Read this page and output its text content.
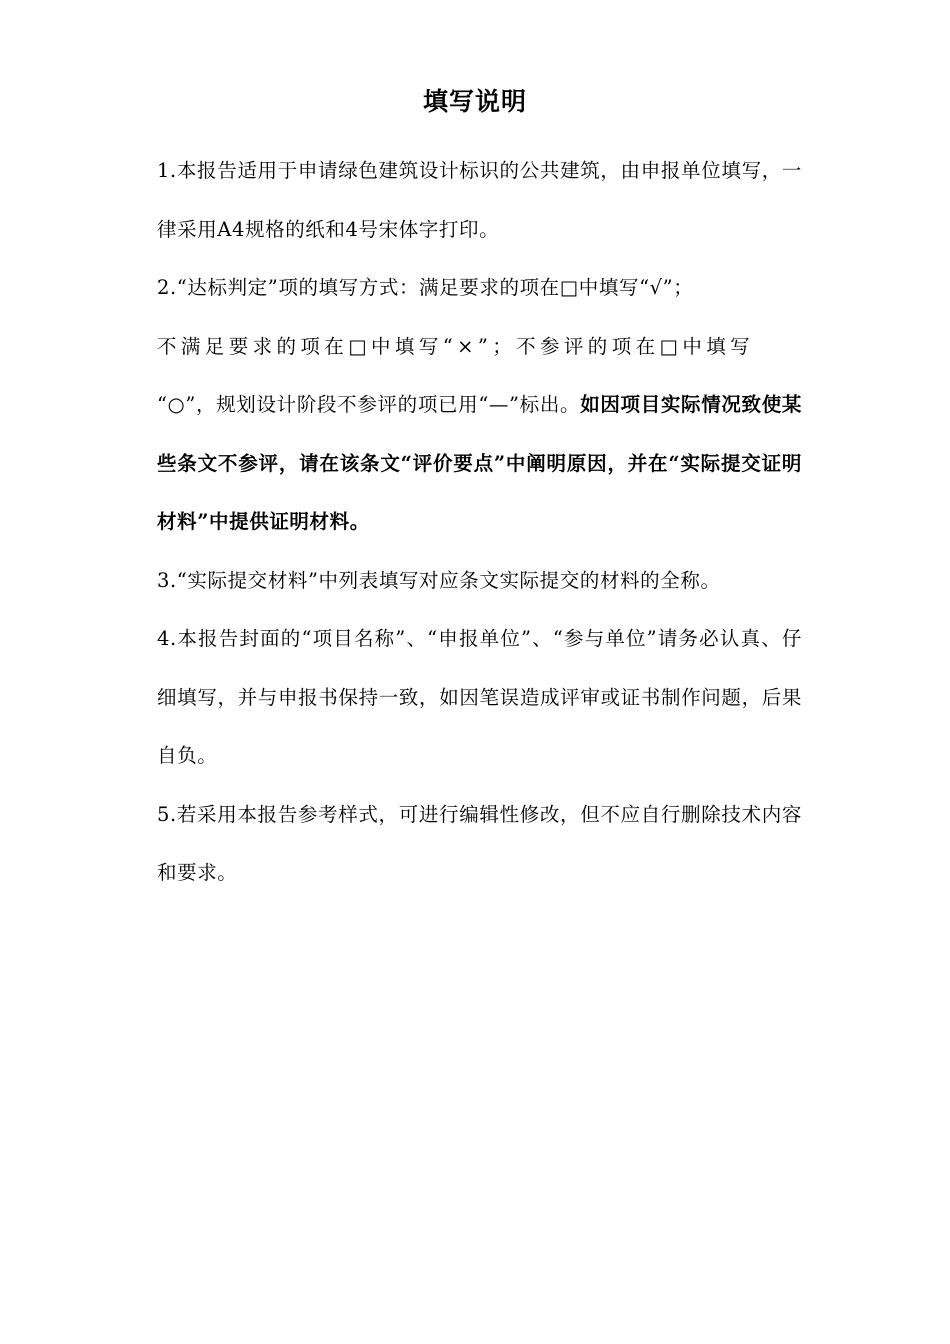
填写说明

1.本报告适用于申请绿色建筑设计标识的公共建筑，由申报单位填写，一律采用A4规格的纸和4号宋体字打印。

2.“达标判定”项的填写方式：满足要求的项在□中填写“√”；

不满足要求的项在□中填写“×”；不参评的项在□中填写

“○”，规划设计阶段不参评的项已用“—”标出。如因项目实际情况致使某些条文不参评，请在该条文“评价要点”中阐明原因，并在“实际提交证明材料”中提供证明材料。

3.“实际提交材料”中列表填写对应条文实际提交的材料的全称。

4.本报告封面的“项目名称”、“申报单位”、“参与单位”请务必认真、仔细填写，并与申报书保持一致，如因笔误造成评审或证书制作问题，后果自负。

5.若采用本报告参考样式，可进行编辑性修改，但不应自行删除技术内容和要求。
